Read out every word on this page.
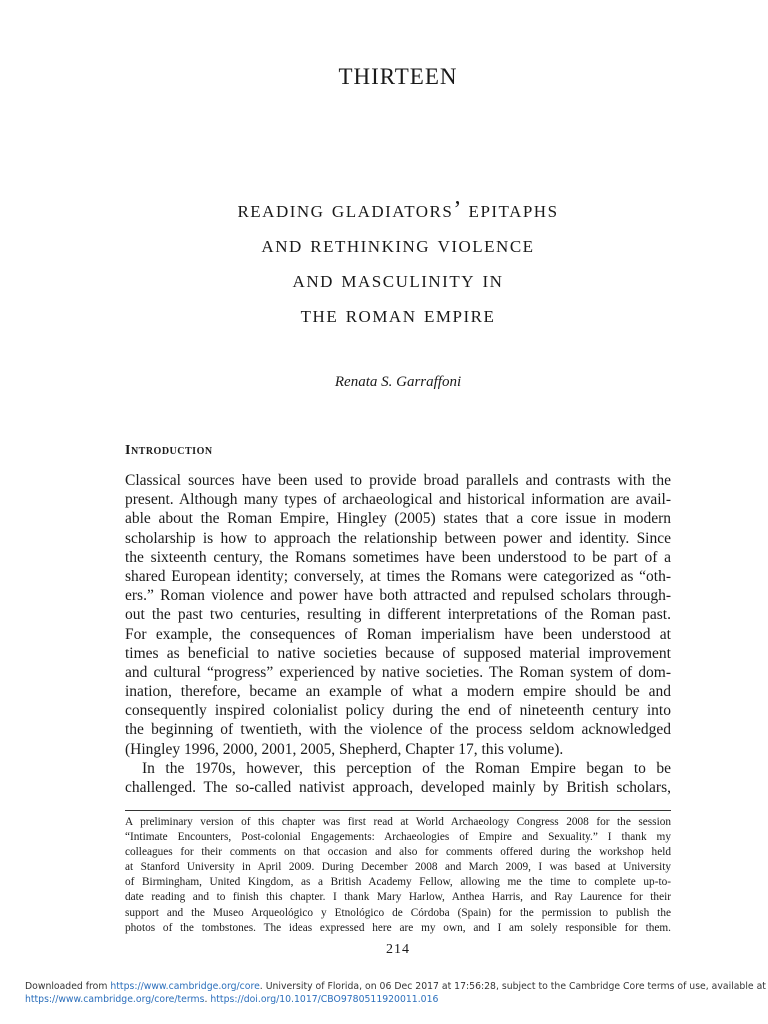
THIRTEEN
reading gladiators’ epitaphs
and rethinking violence
and masculinity in
the roman empire
Renata S. Garraffoni
Introduction
Classical sources have been used to provide broad parallels and contrasts with the
present. Although many types of archaeological and historical information are avail-
able about the Roman Empire, Hingley (2005) states that a core issue in modern
scholarship is how to approach the relationship between power and identity. Since
the sixteenth century, the Romans sometimes have been understood to be part of a
shared European identity; conversely, at times the Romans were categorized as “oth-
ers.” Roman violence and power have both attracted and repulsed scholars through-
out the past two centuries, resulting in different interpretations of the Roman past.
For example, the consequences of Roman imperialism have been understood at
times as beneficial to native societies because of supposed material improvement
and cultural “progress” experienced by native societies. The Roman system of dom-
ination, therefore, became an example of what a modern empire should be and
consequently inspired colonialist policy during the end of nineteenth century into
the beginning of twentieth, with the violence of the process seldom acknowledged
(Hingley 1996, 2000, 2001, 2005, Shepherd, Chapter 17, this volume).
In the 1970s, however, this perception of the Roman Empire began to be
challenged. The so-called nativist approach, developed mainly by British scholars,
A preliminary version of this chapter was first read at World Archaeology Congress 2008 for the session
“Intimate Encounters, Post-colonial Engagements: Archaeologies of Empire and Sexuality.” I thank my
colleagues for their comments on that occasion and also for comments offered during the workshop held
at Stanford University in April 2009. During December 2008 and March 2009, I was based at University
of Birmingham, United Kingdom, as a British Academy Fellow, allowing me the time to complete up-to-
date reading and to finish this chapter. I thank Mary Harlow, Anthea Harris, and Ray Laurence for their
support and the Museo Arqueológico y Etnológico de Córdoba (Spain) for the permission to publish the
photos of the tombstones. The ideas expressed here are my own, and I am solely responsible for them.
214
Downloaded from https://www.cambridge.org/core. University of Florida, on 06 Dec 2017 at 17:56:28, subject to the Cambridge Core terms of use, available at
https://www.cambridge.org/core/terms. https://doi.org/10.1017/CBO9780511920011.016
